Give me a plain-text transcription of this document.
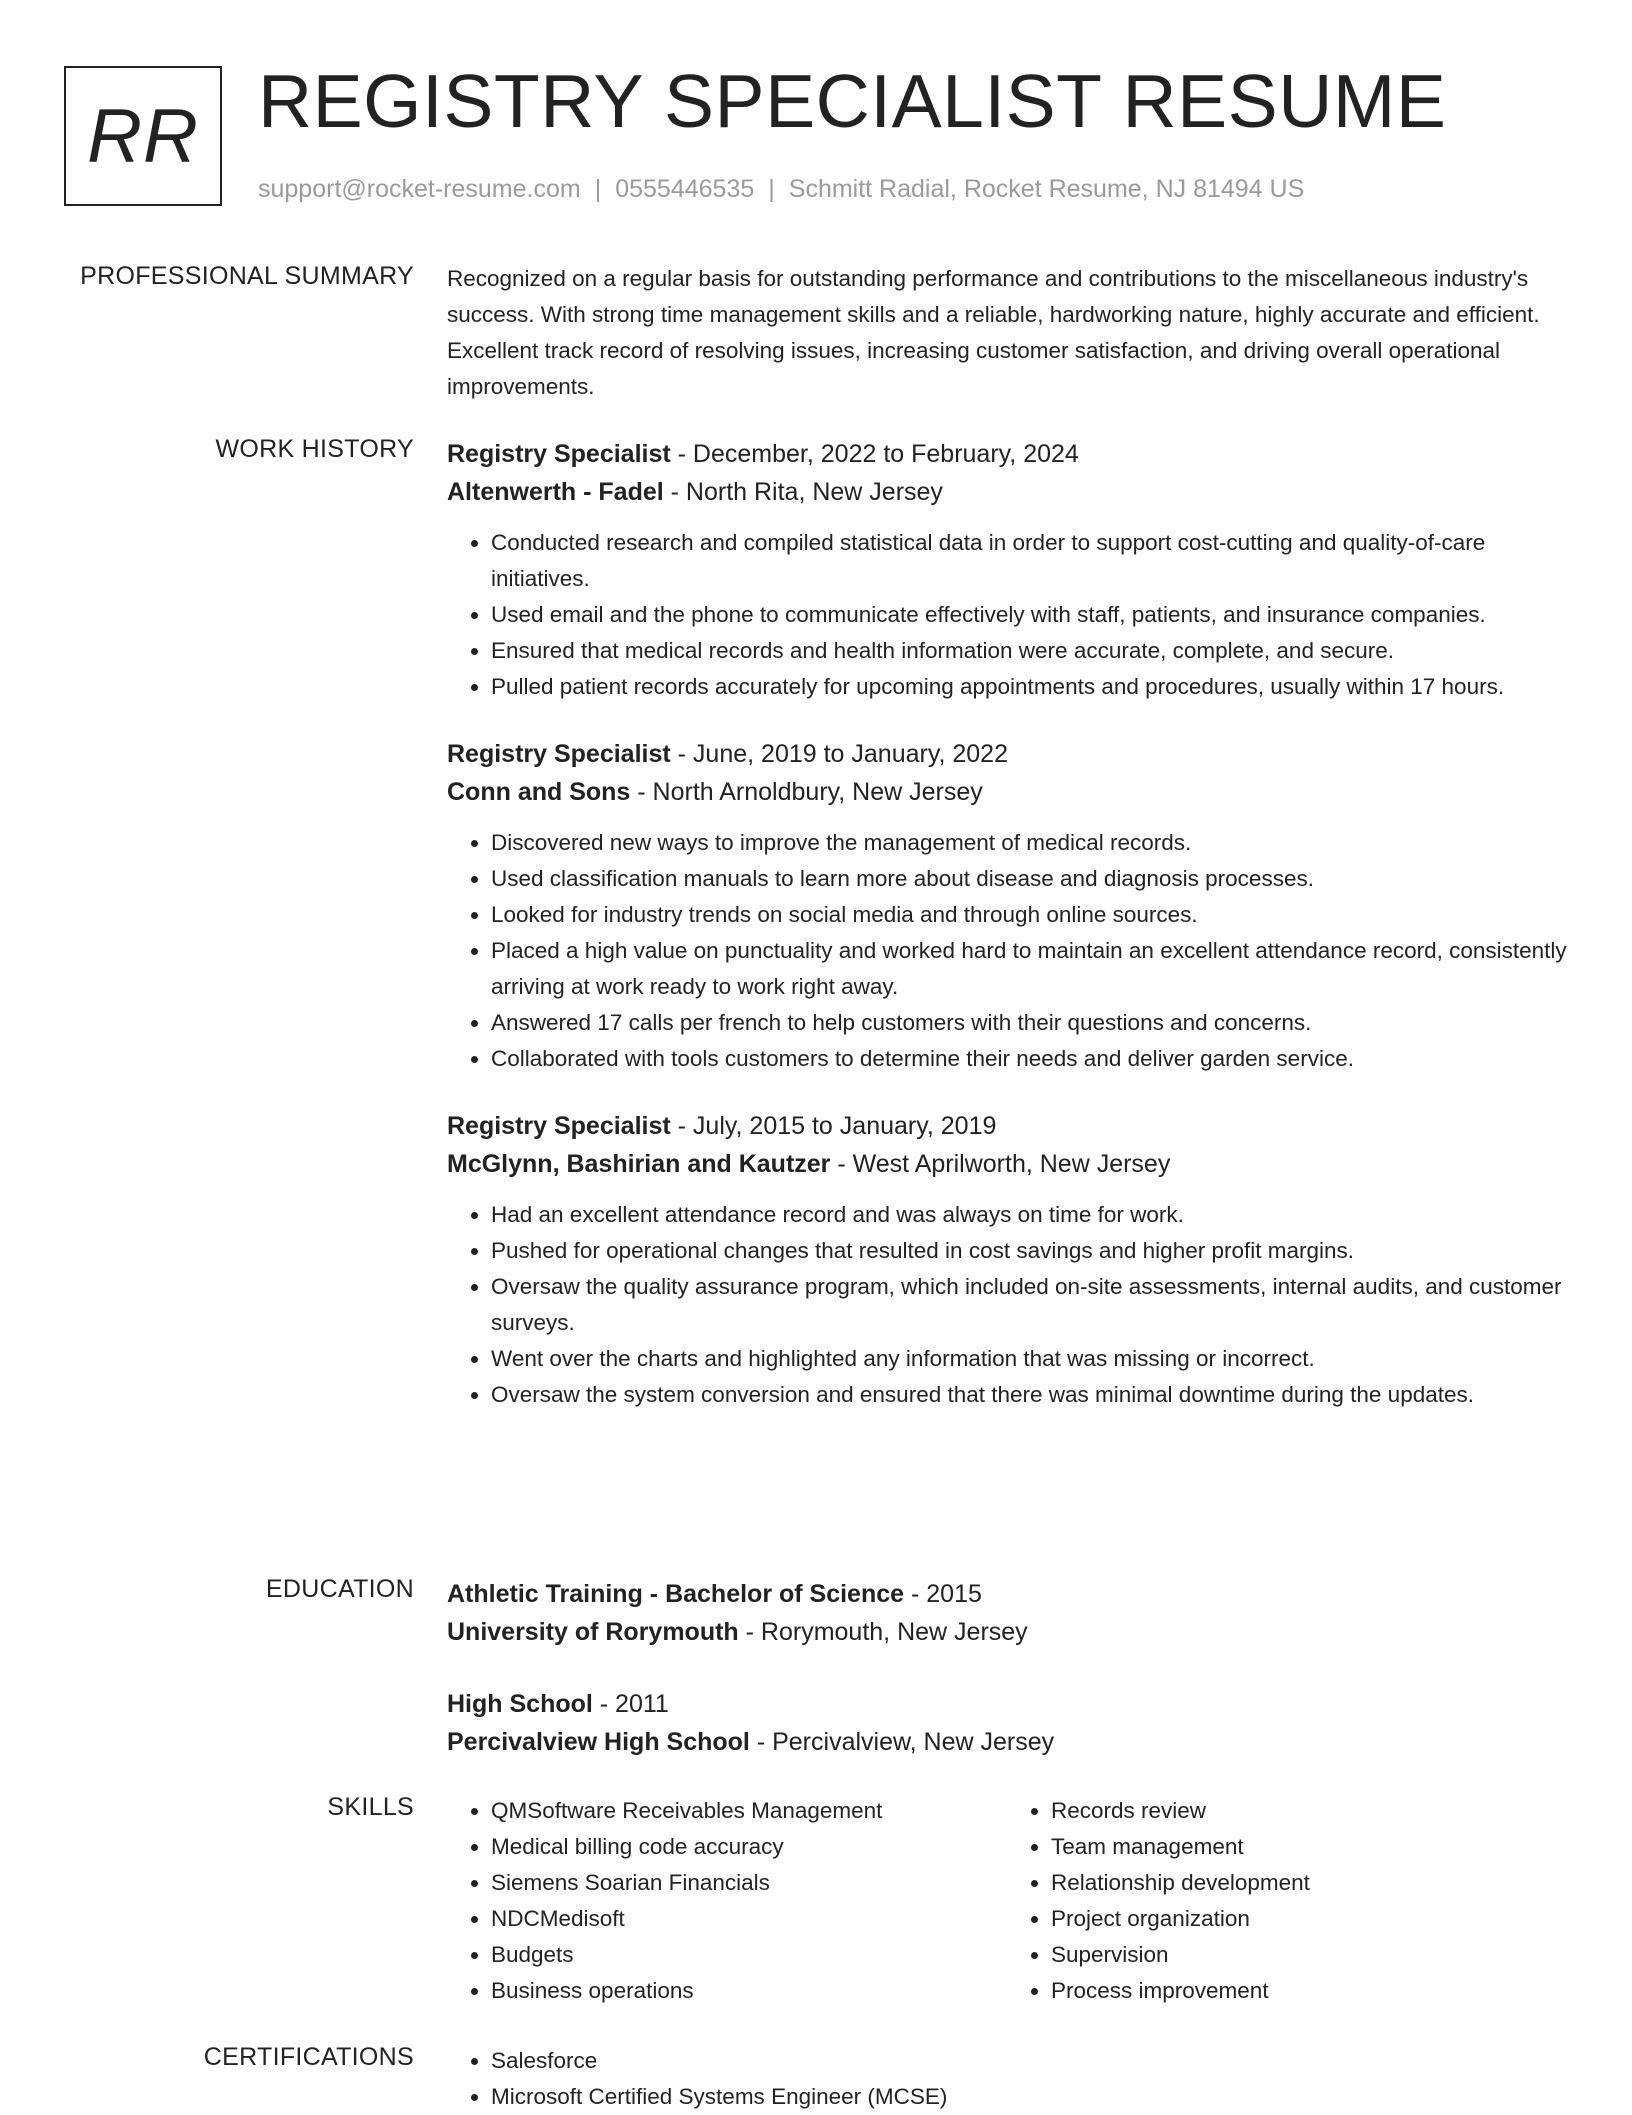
RR REGISTRY SPECIALIST RESUME
support@rocket-resume.com | 0555446535 | Schmitt Radial, Rocket Resume, NJ 81494 US
PROFESSIONAL SUMMARY Recognized on a regular basis for outstanding performance and contributions to the miscellaneous industry's success. With strong time management skills and a reliable, hardworking nature, highly accurate and efficient. Excellent track record of resolving issues, increasing customer satisfaction, and driving overall operational improvements.

WORK HISTORY Registry Specialist - December, 2022 to February, 2024
Altenwerth - Fadel - North Rita, New Jersey
• Conducted research and compiled statistical data in order to support cost-cutting and quality-of-care initiatives.
• Used email and the phone to communicate effectively with staff, patients, and insurance companies.
• Ensured that medical records and health information were accurate, complete, and secure.
• Pulled patient records accurately for upcoming appointments and procedures, usually within 17 hours.
Registry Specialist - June, 2019 to January, 2022
Conn and Sons - North Arnoldbury, New Jersey
• Discovered new ways to improve the management of medical records.
• Used classification manuals to learn more about disease and diagnosis processes.
• Looked for industry trends on social media and through online sources.
• Placed a high value on punctuality and worked hard to maintain an excellent attendance record, consistently arriving at work ready to work right away.
• Answered 17 calls per french to help customers with their questions and concerns.
• Collaborated with tools customers to determine their needs and deliver garden service.
Registry Specialist - July, 2015 to January, 2019
McGlynn, Bashirian and Kautzer - West Aprilworth, New Jersey
• Had an excellent attendance record and was always on time for work.
• Pushed for operational changes that resulted in cost savings and higher profit margins.
• Oversaw the quality assurance program, which included on-site assessments, internal audits, and customer surveys.
• Went over the charts and highlighted any information that was missing or incorrect.
• Oversaw the system conversion and ensured that there was minimal downtime during the updates.
EDUCATION Athletic Training - Bachelor of Science - 2015
University of Rorymouth - Rorymouth, New Jersey
High School - 2011
Percivalview High School - Percivalview, New Jersey
SKILLS	• QMSoftware Receivables Management
• Medical billing code accuracy
• Siemens Soarian Financials
• NDCMedisoft
• Budgets
• Business operations
• Records review
• Team management
• Relationship development
• Project organization
• Supervision
• Process improvement
CERTIFICATIONS	• Salesforce
• Microsoft Certified Systems Engineer (MCSE)
